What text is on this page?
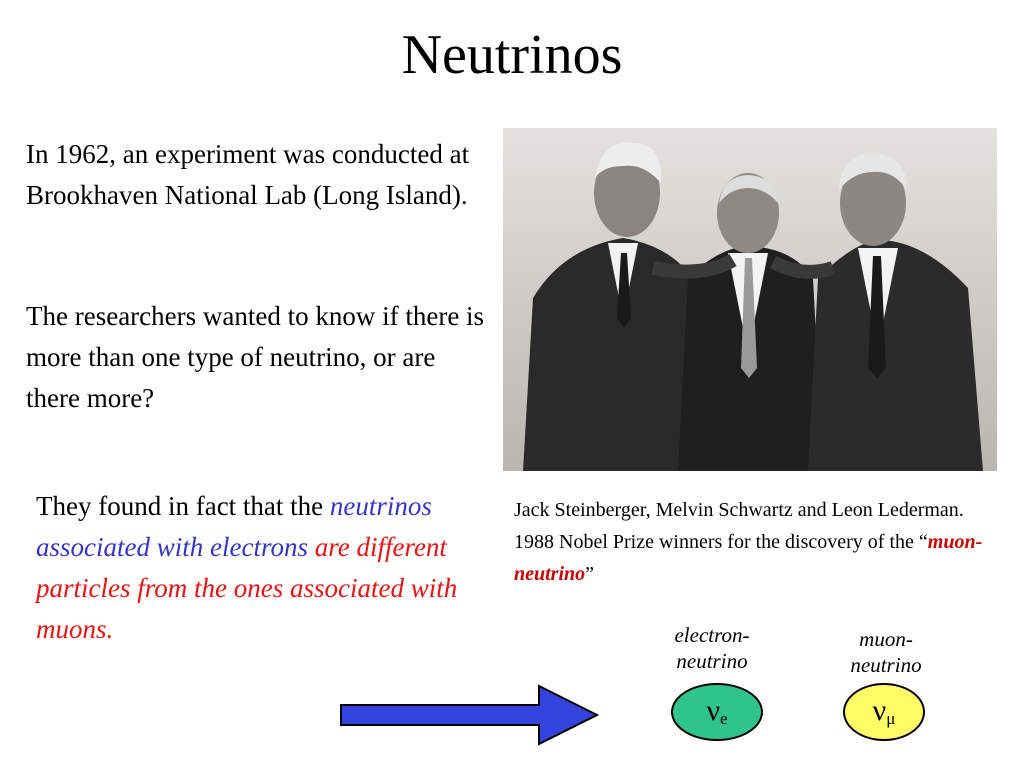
Neutrinos
In 1962, an experiment was conducted at Brookhaven National Lab (Long Island).
The researchers wanted to know if there is more than one type of neutrino, or are there more?
They found in fact that the neutrinos associated with electrons are different particles from the ones associated with muons.
Jack Steinberger, Melvin Schwartz and Leon Lederman. 1988 Nobel Prize winners for the discovery of the “muon-neutrino”
electron-neutrino
muon-neutrino
$\nu_e$	$\nu_\mu$
